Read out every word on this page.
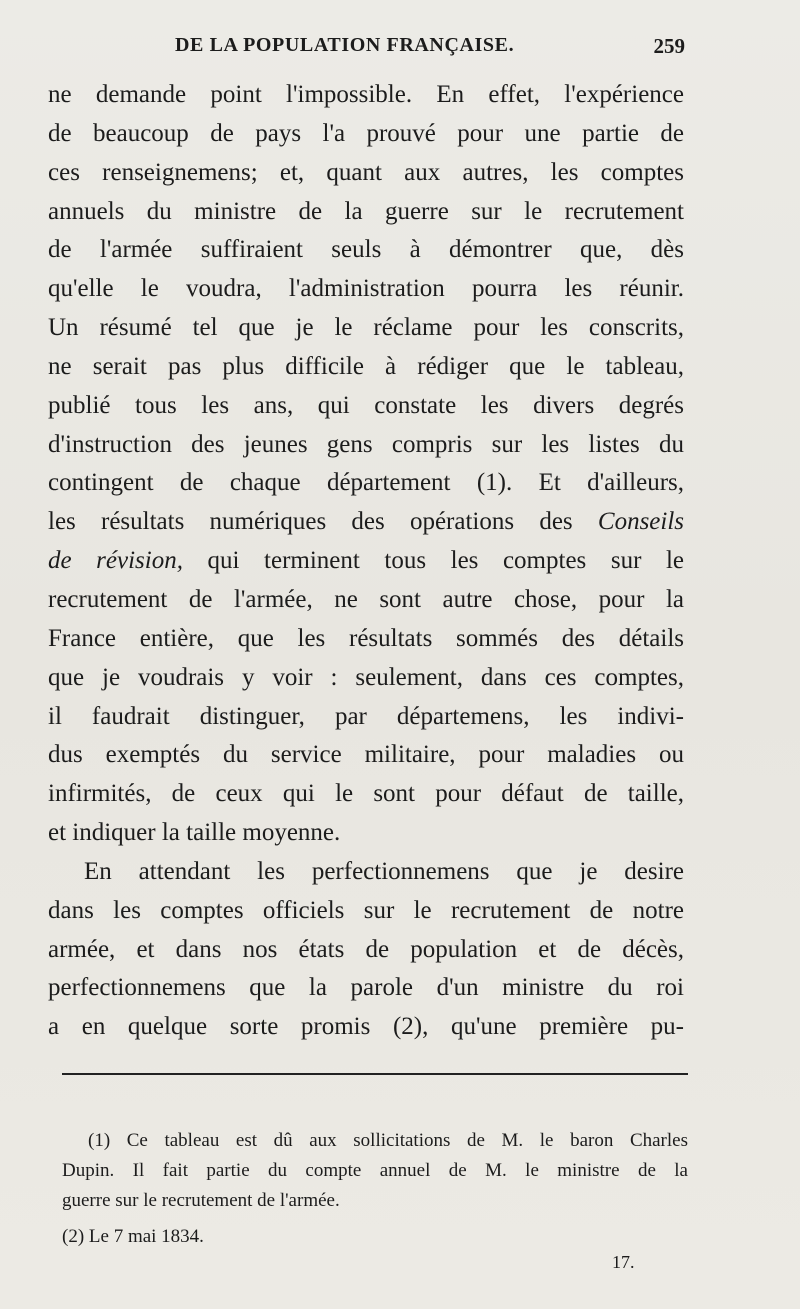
DE LA POPULATION FRANÇAISE.	259
ne demande point l'impossible. En effet, l'expérience
de beaucoup de pays l'a prouvé pour une partie de
ces renseignemens; et, quant aux autres, les comptes
annuels du ministre de la guerre sur le recrutement
de l'armée suffiraient seuls à démontrer que, dès
qu'elle le voudra, l'administration pourra les réunir.
Un résumé tel que je le réclame pour les conscrits,
ne serait pas plus difficile à rédiger que le tableau,
publié tous les ans, qui constate les divers degrés
d'instruction des jeunes gens compris sur les listes du
contingent de chaque département (1). Et d'ailleurs,
les résultats numériques des opérations des Conseils
de révision, qui terminent tous les comptes sur le
recrutement de l'armée, ne sont autre chose, pour la
France entière, que les résultats sommés des détails
que je voudrais y voir : seulement, dans ces comptes,
il faudrait distinguer, par départemens, les indivi-
dus exemptés du service militaire, pour maladies ou
infirmités, de ceux qui le sont pour défaut de taille,
et indiquer la taille moyenne.
En attendant les perfectionnemens que je desire
dans les comptes officiels sur le recrutement de notre
armée, et dans nos états de population et de décès,
perfectionnemens que la parole d'un ministre du roi
a en quelque sorte promis (2), qu'une première pu-
(1) Ce tableau est dû aux sollicitations de M. le baron Charles
Dupin. Il fait partie du compte annuel de M. le ministre de la
guerre sur le recrutement de l'armée.
(2) Le 7 mai 1834.
17.
